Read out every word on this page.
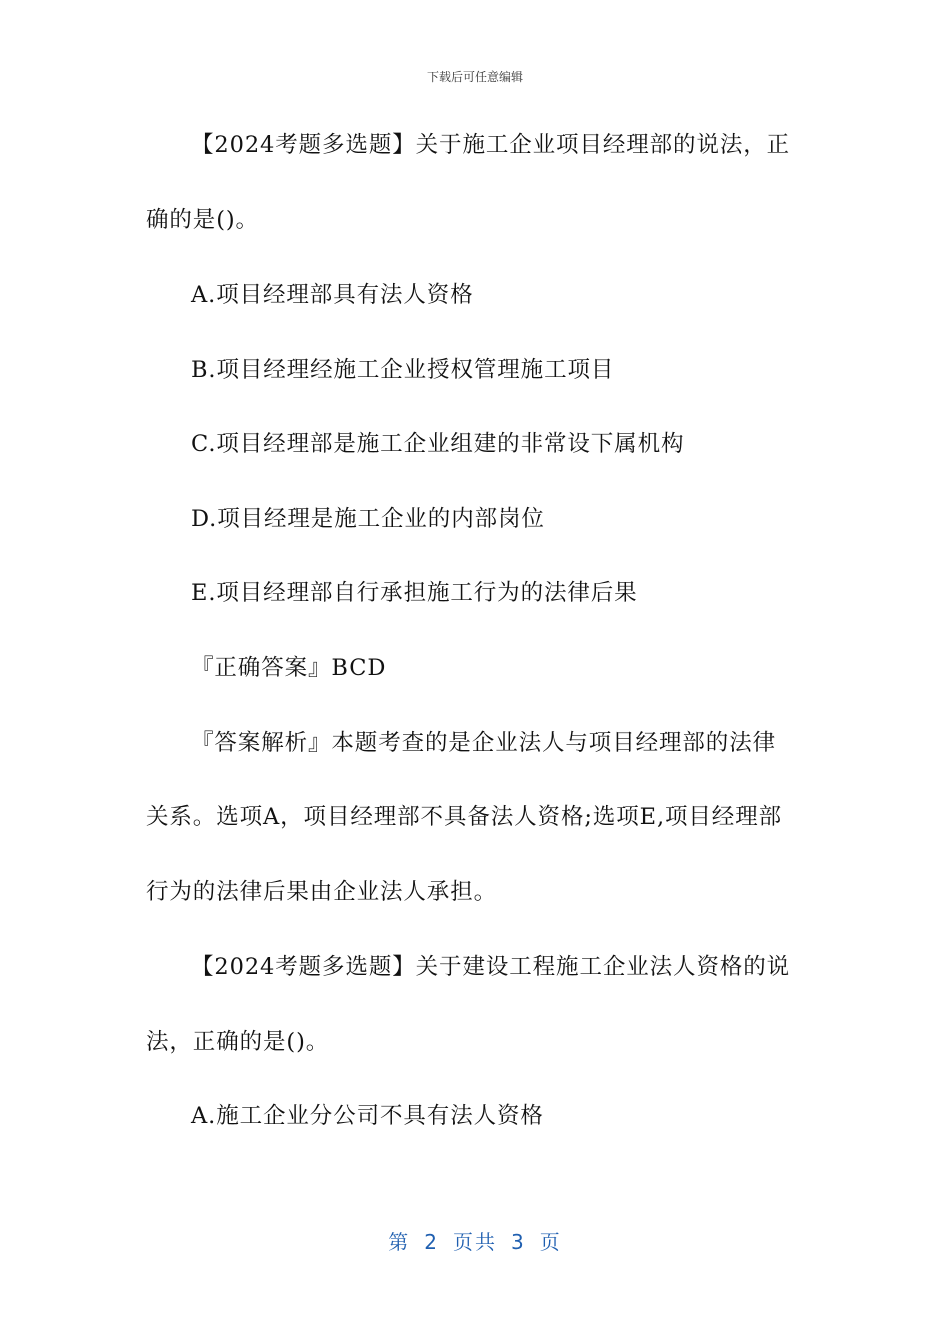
下载后可任意编辑
【2024考题多选题】关于施工企业项目经理部的说法，正
确的是()。
A.项目经理部具有法人资格
B.项目经理经施工企业授权管理施工项目
C.项目经理部是施工企业组建的非常设下属机构
D.项目经理是施工企业的内部岗位
E.项目经理部自行承担施工行为的法律后果
『正确答案』BCD
『答案解析』本题考查的是企业法人与项目经理部的法律
关系。选项A，项目经理部不具备法人资格;选项E,项目经理部
行为的法律后果由企业法人承担。
【2024考题多选题】关于建设工程施工企业法人资格的说
法，正确的是()。
A.施工企业分公司不具有法人资格
第 2 页共 3 页
